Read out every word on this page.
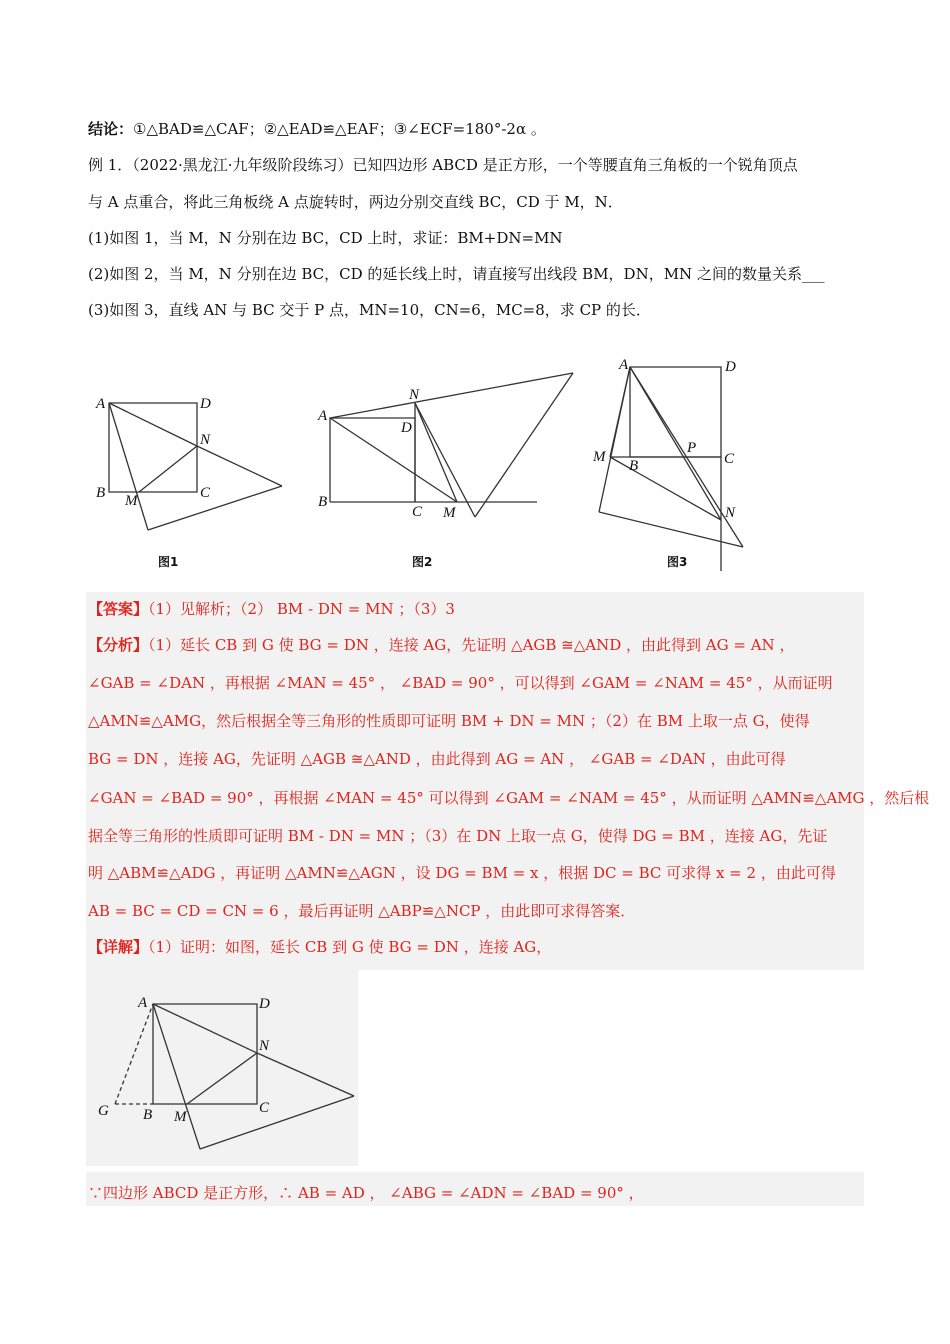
结论：①△BAD≌△CAF；②△EAD≌△EAF；③∠ECF=180°-2α 。
例 1．（2022·黑龙江·九年级阶段练习）已知四边形 ABCD 是正方形，一个等腰直角三角板的一个锐角顶点
与 A 点重合，将此三角板绕 A 点旋转时，两边分别交直线 BC，CD 于 M，N．
(1)如图 1，当 M，N 分别在边 BC，CD 上时，求证：BM+DN=MN
(2)如图 2，当 M，N 分别在边 BC，CD 的延长线上时，请直接写出线段 BM，DN，MN 之间的数量关系___
(3)如图 3，直线 AN 与 BC 交于 P 点，MN=10，CN=6，MC=8，求 CP 的长．
A	D
N
B	C
M
图1
A
N
D
B
C M
图2
A	D
P
M
B	C
N
图3
【答案】（1）见解析；（2） BM - DN = MN ；（3）3
【分析】（1）延长 CB 到 G 使 BG = DN ，连接 AG，先证明 △AGB ≅△AND ，由此得到 AG = AN ，
∠GAB = ∠DAN ，再根据 ∠MAN = 45° ， ∠BAD = 90° ，可以得到 ∠GAM = ∠NAM = 45° ，从而证明
△AMN≌△AMG，然后根据全等三角形的性质即可证明 BM + DN = MN ；（2）在 BM 上取一点 G，使得
BG = DN ，连接 AG，先证明 △AGB ≅△AND ，由此得到 AG = AN ， ∠GAB = ∠DAN ，由此可得
∠GAN = ∠BAD = 90° ，再根据 ∠MAN = 45° 可以得到 ∠GAM = ∠NAM = 45° ，从而证明 △AMN≌△AMG ，然后根
据全等三角形的性质即可证明 BM - DN = MN ；（3）在 DN 上取一点 G，使得 DG = BM ，连接 AG，先证
明 △ABM≌△ADG ，再证明 △AMN≌△AGN ，设 DG = BM = x ，根据 DC = BC 可求得 x = 2 ，由此可得
AB = BC = CD = CN = 6 ，最后再证明 △ABP≌△NCP ，由此即可求得答案．
【详解】（1）证明：如图，延长 CB 到 G 使 BG = DN ，连接 AG，
A	D
N
G B M
C
∵四边形 ABCD 是正方形，∴ AB = AD ， ∠ABG = ∠ADN = ∠BAD = 90° ，
